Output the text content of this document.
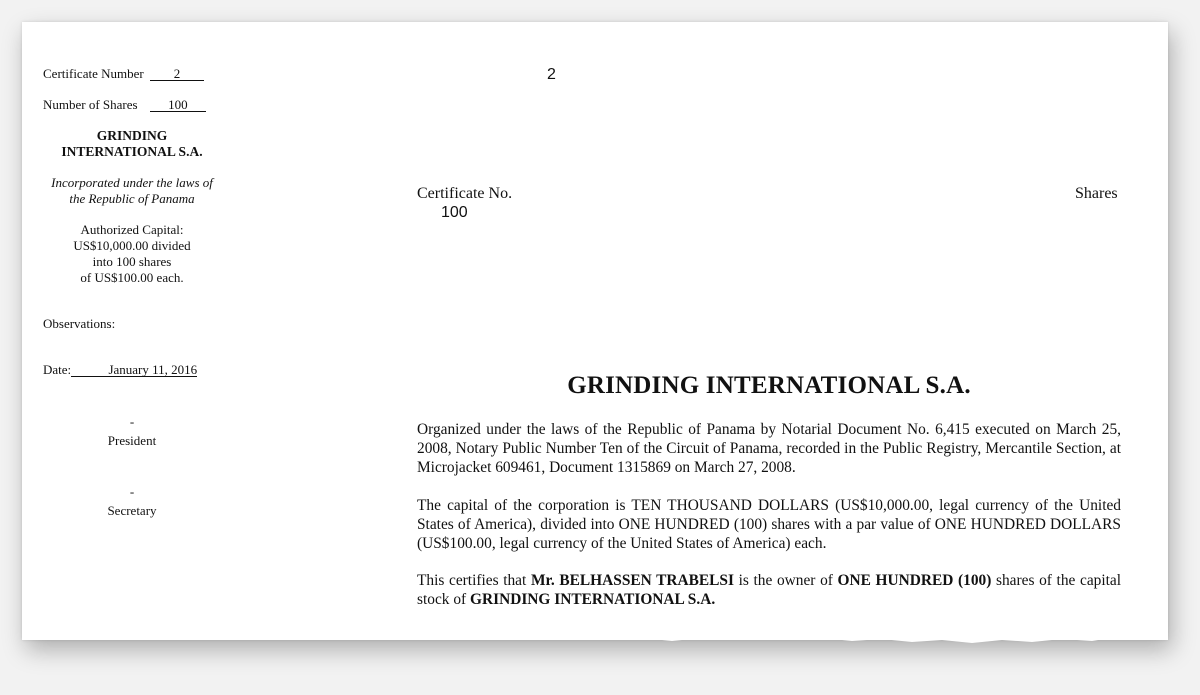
Certificate Number 2
Number of Shares 100
GRINDING
INTERNATIONAL S.A.
Incorporated under the laws of
the Republic of Panama
Authorized Capital:
US$10,000.00 divided
into 100 shares
of US$100.00 each.
Observations:
Date:	January 11, 2016
-
President
-
Secretary
2
Certificate No.
100
Shares
GRINDING INTERNATIONAL S.A.
Organized under the laws of the Republic of Panama by Notarial Document No. 6,415 executed on March 25, 2008, Notary Public Number Ten of the Circuit of Panama, recorded in the Public Registry, Mercantile Section, at Microjacket 609461, Document 1315869 on March 27, 2008.
The capital of the corporation is TEN THOUSAND DOLLARS (US$10,000.00, legal currency of the United States of America), divided into ONE HUNDRED (100) shares with a par value of ONE HUNDRED DOLLARS (US$100.00, legal currency of the United States of America) each.
This certifies that Mr. BELHASSEN TRABELSI is the owner of ONE HUNDRED (100) shares of the capital stock of GRINDING INTERNATIONAL S.A.
